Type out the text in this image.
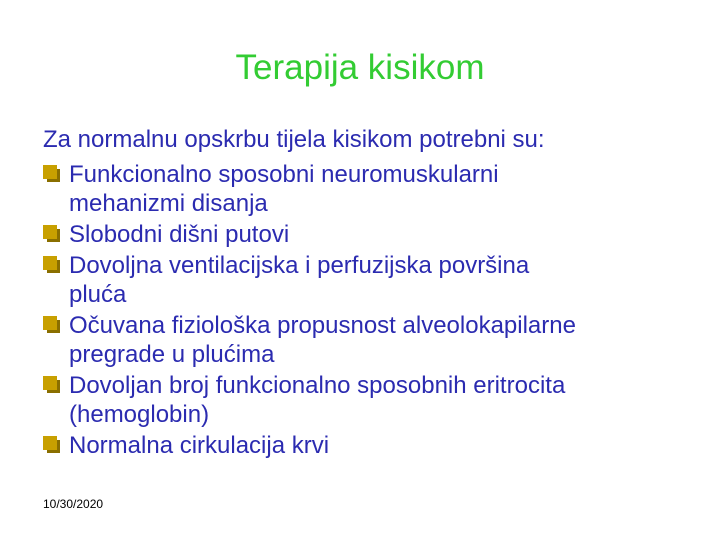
Terapija kisikom
Za normalnu opskrbu tijela kisikom potrebni su:
Funkcionalno sposobni neuromuskularni
mehanizmi disanja
Slobodni dišni putovi
Dovoljna ventilacijska i perfuzijska površina
pluća
Očuvana fiziološka propusnost alveolokapilarne
pregrade u plućima
Dovoljan broj funkcionalno sposobnih eritrocita
(hemoglobin)
Normalna cirkulacija krvi
10/30/2020
